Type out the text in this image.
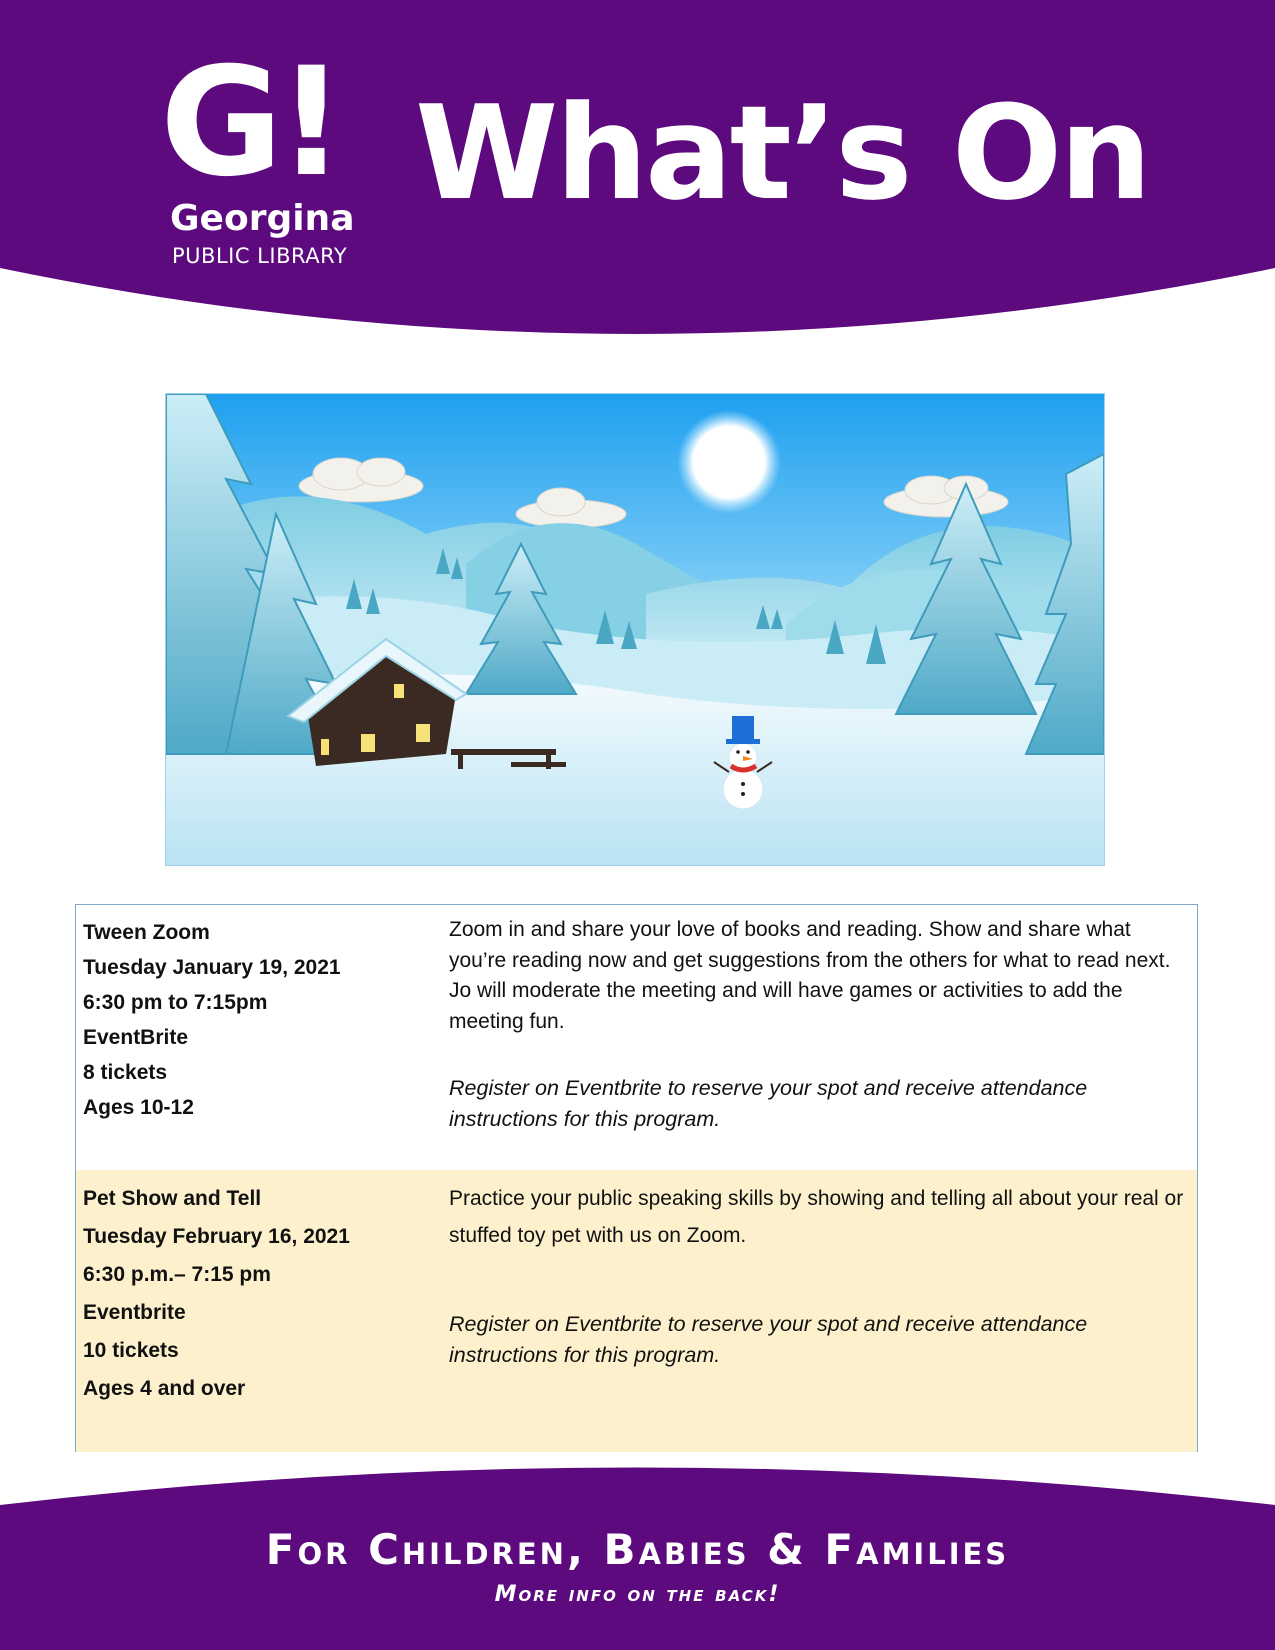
G!
Georgina
PUBLIC LIBRARY
What’s On
Tween Zoom
Tuesday January 19, 2021
6:30 pm to 7:15pm
EventBrite
8 tickets
Ages 10-12
Zoom in and share your love of books and reading. Show and share what you’re reading now and get suggestions from the others for what to read next. Jo will moderate the meeting and will have games or activities to add the meeting fun.
Register on Eventbrite to reserve your spot and receive attendance instructions for this program.
Pet Show and Tell
Tuesday February 16, 2021
6:30 p.m.– 7:15 pm
Eventbrite
10 tickets
Ages 4 and over
Practice your public speaking skills by showing and telling all about your real or stuffed toy pet with us on Zoom.
Register on Eventbrite to reserve your spot and receive attendance instructions for this program.
For Children, Babies & Families
More info on the back!
